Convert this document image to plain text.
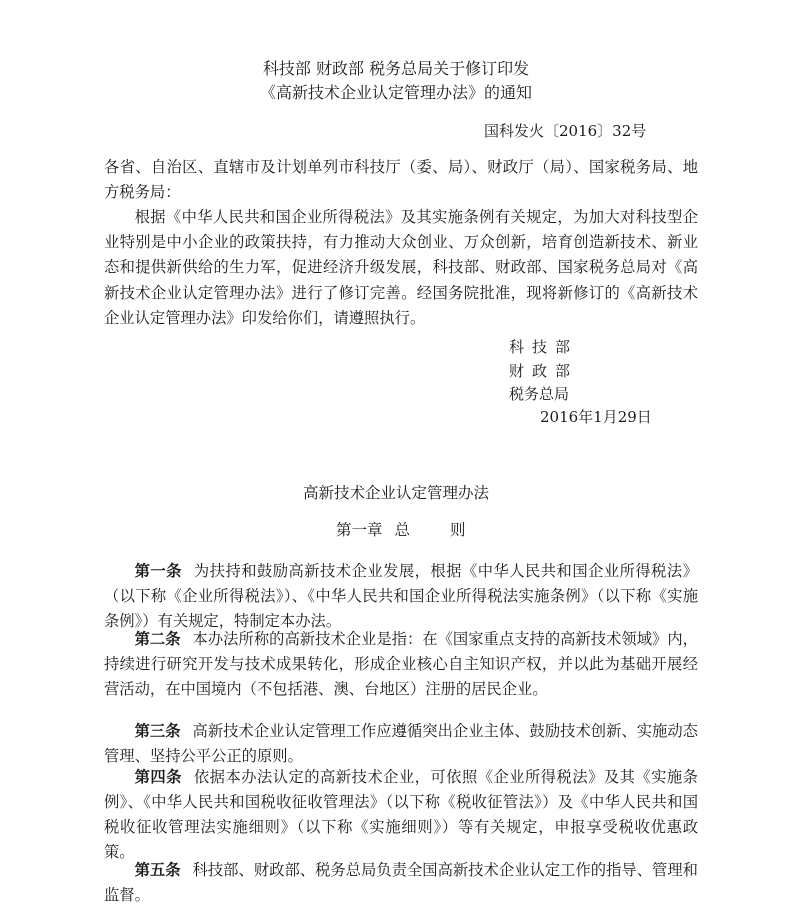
科技部 财政部 税务总局关于修订印发
《高新技术企业认定管理办法》的通知
国科发火〔2016〕32号
各省、自治区、直辖市及计划单列市科技厅（委、局）、财政厅（局）、国家税务局、地方税务局：
根据《中华人民共和国企业所得税法》及其实施条例有关规定，为加大对科技型企业特别是中小企业的政策扶持，有力推动大众创业、万众创新，培育创造新技术、新业态和提供新供给的生力军，促进经济升级发展，科技部、财政部、国家税务总局对《高新技术企业认定管理办法》进行了修订完善。经国务院批准，现将新修订的《高新技术企业认定管理办法》印发给你们，请遵照执行。
科技部
财政部
税务总局
2016年1月29日
高新技术企业认定管理办法
第一章 总	则
第一条 为扶持和鼓励高新技术企业发展，根据《中华人民共和国企业所得税法》（以下称《企业所得税法》）、《中华人民共和国企业所得税法实施条例》（以下称《实施条例》）有关规定，特制定本办法。
第二条 本办法所称的高新技术企业是指：在《国家重点支持的高新技术领域》内，持续进行研究开发与技术成果转化，形成企业核心自主知识产权，并以此为基础开展经营活动，在中国境内（不包括港、澳、台地区）注册的居民企业。
第三条 高新技术企业认定管理工作应遵循突出企业主体、鼓励技术创新、实施动态管理、坚持公平公正的原则。
第四条 依据本办法认定的高新技术企业，可依照《企业所得税法》及其《实施条例》、《中华人民共和国税收征收管理法》（以下称《税收征管法》）及《中华人民共和国税收征收管理法实施细则》（以下称《实施细则》）等有关规定，申报享受税收优惠政策。
第五条 科技部、财政部、税务总局负责全国高新技术企业认定工作的指导、管理和监督。
